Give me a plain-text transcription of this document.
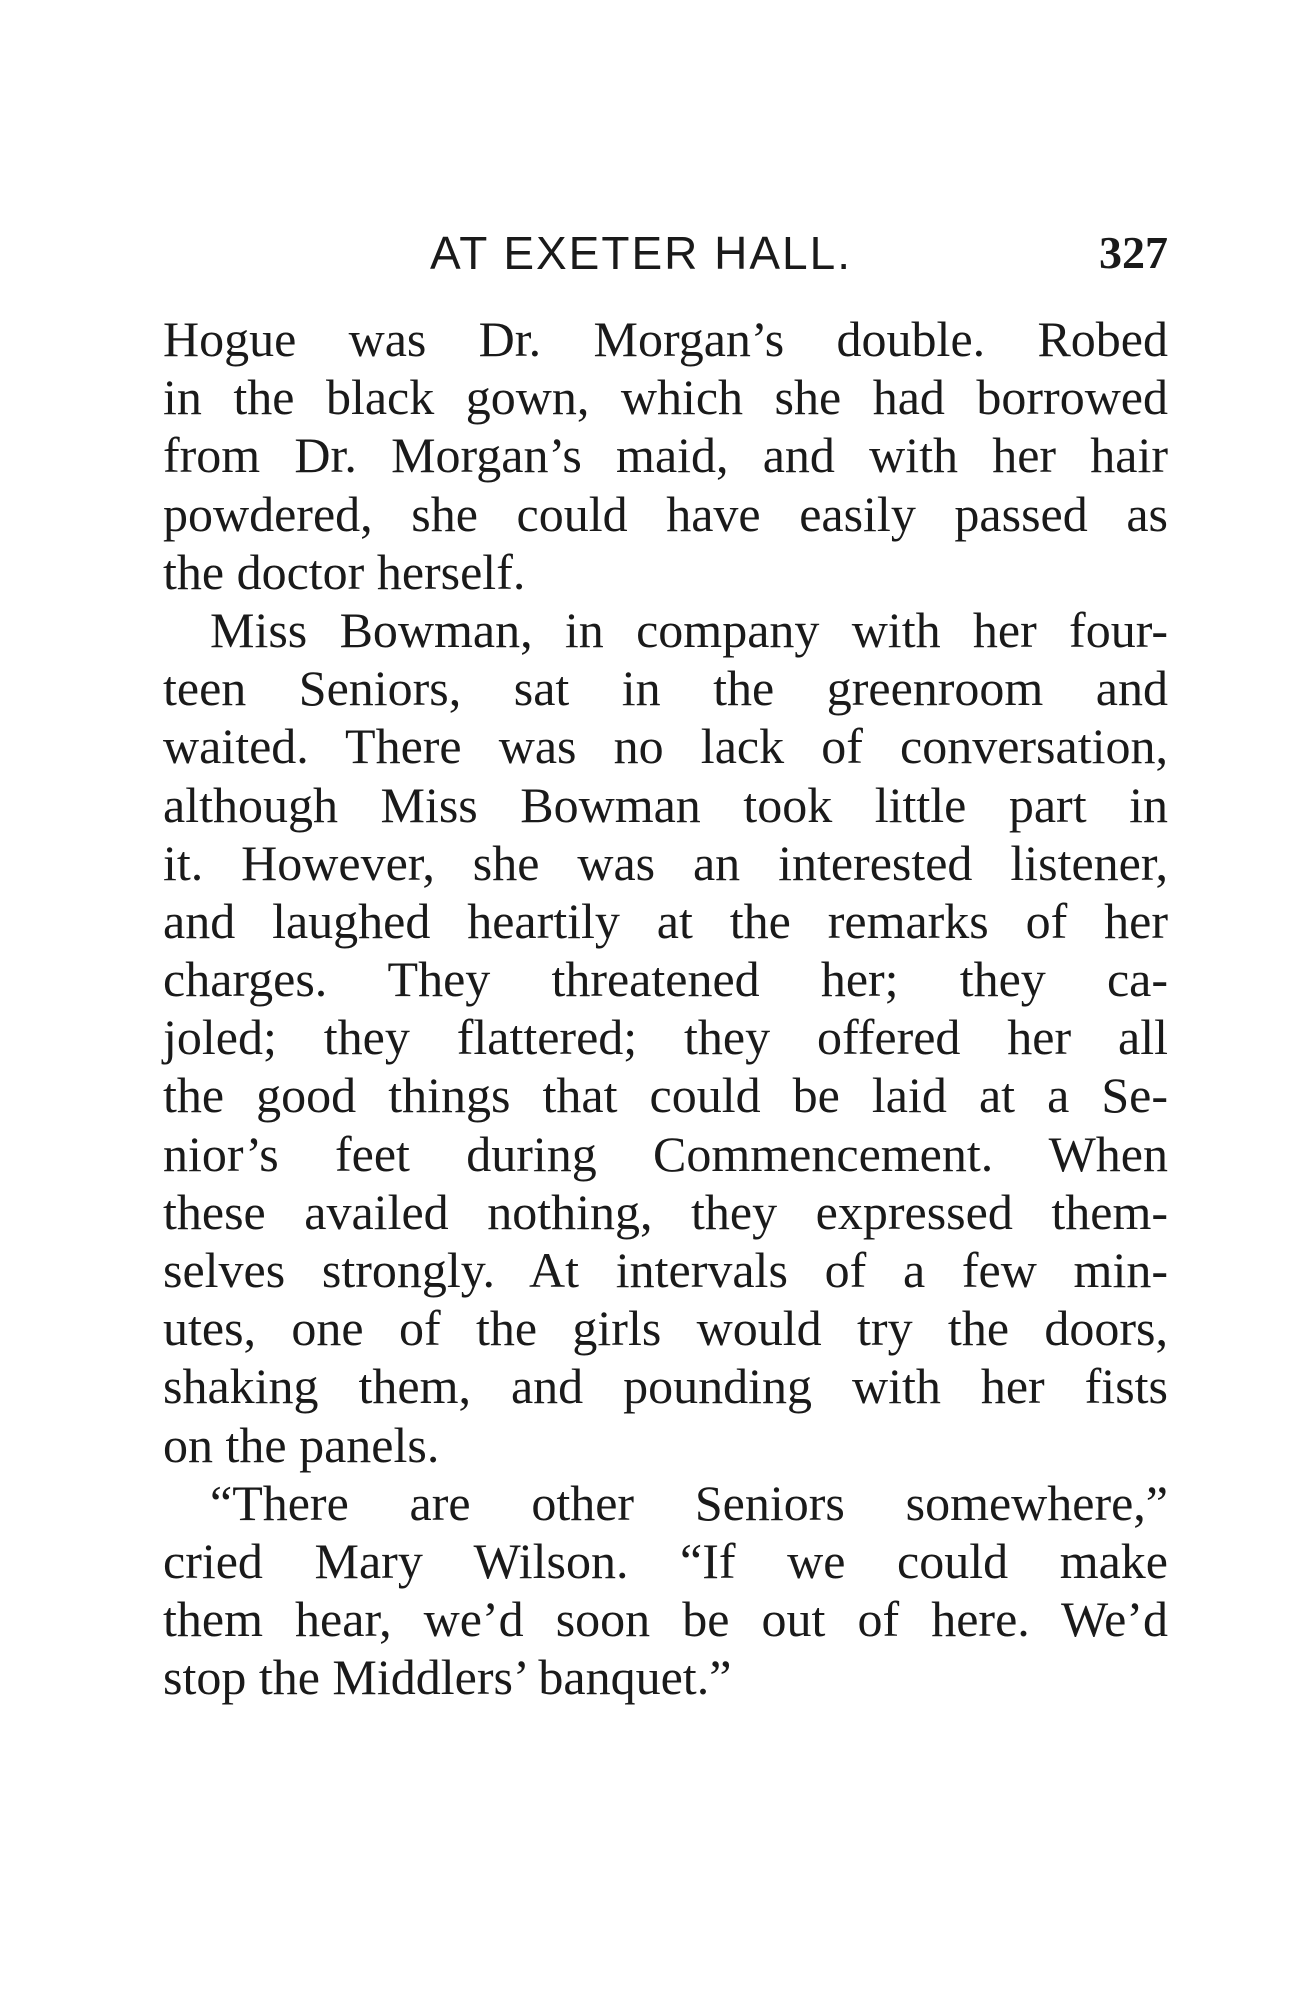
AT EXETER HALL.	327
Hogue was Dr. Morgan’s double. Robed
in the black gown, which she had borrowed
from Dr. Morgan’s maid, and with her hair
powdered, she could have easily passed as
the doctor herself.
Miss Bowman, in company with her four-
teen Seniors, sat in the greenroom and
waited. There was no lack of conversation,
although Miss Bowman took little part in
it. However, she was an interested listener,
and laughed heartily at the remarks of her
charges. They threatened her; they ca-
joled; they flattered; they offered her all
the good things that could be laid at a Se-
nior’s feet during Commencement. When
these availed nothing, they expressed them-
selves strongly. At intervals of a few min-
utes, one of the girls would try the doors,
shaking them, and pounding with her fists
on the panels.
“There are other Seniors somewhere,”
cried Mary Wilson. “If we could make
them hear, we’d soon be out of here. We’d
stop the Middlers’ banquet.”
